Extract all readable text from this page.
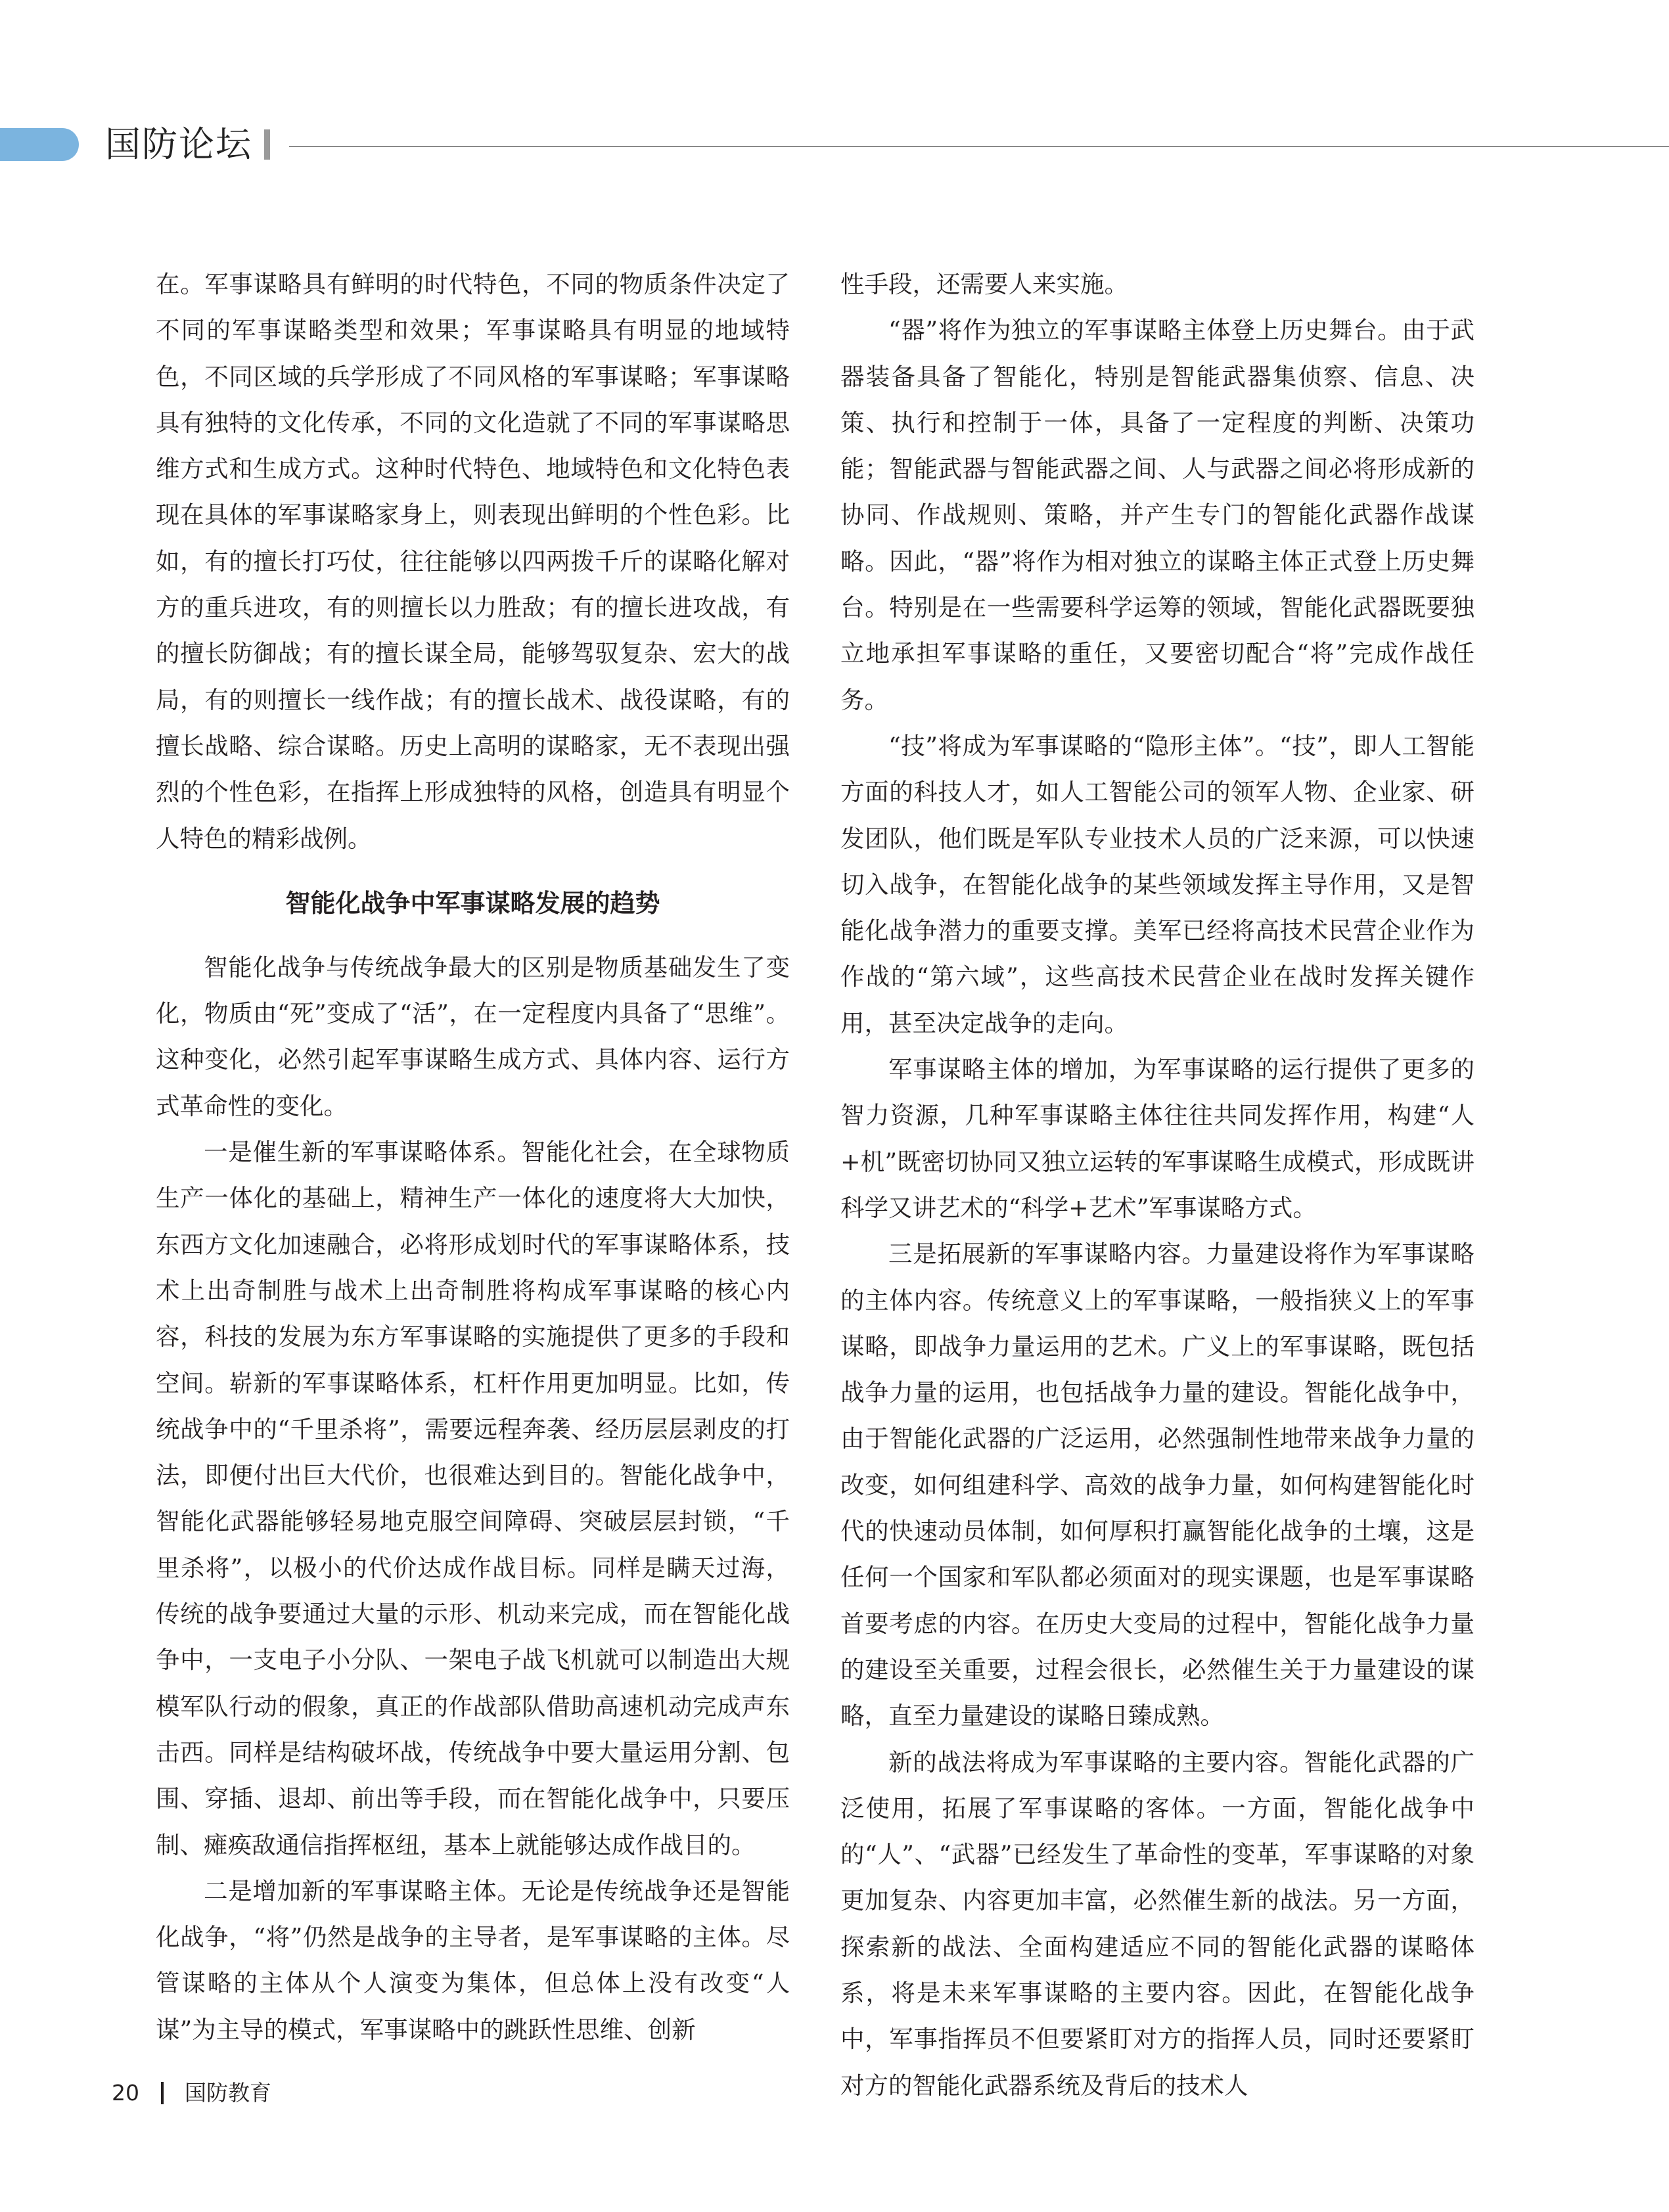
国防论坛

在。军事谋略具有鲜明的时代特色，不同的物质条件决定了不同的军事谋略类型和效果；军事谋略具有明显的地域特色，不同区域的兵学形成了不同风格的军事谋略；军事谋略具有独特的文化传承，不同的文化造就了不同的军事谋略思维方式和生成方式。这种时代特色、地域特色和文化特色表现在具体的军事谋略家身上，则表现出鲜明的个性色彩。比如，有的擅长打巧仗，往往能够以四两拨千斤的谋略化解对方的重兵进攻，有的则擅长以力胜敌；有的擅长进攻战，有的擅长防御战；有的擅长谋全局，能够驾驭复杂、宏大的战局，有的则擅长一线作战；有的擅长战术、战役谋略，有的擅长战略、综合谋略。历史上高明的谋略家，无不表现出强烈的个性色彩，在指挥上形成独特的风格，创造具有明显个人特色的精彩战例。

智能化战争中军事谋略发展的趋势

智能化战争与传统战争最大的区别是物质基础发生了变化，物质由“死”变成了“活”，在一定程度内具备了“思维”。这种变化，必然引起军事谋略生成方式、具体内容、运行方式革命性的变化。

一是催生新的军事谋略体系。智能化社会，在全球物质生产一体化的基础上，精神生产一体化的速度将大大加快，东西方文化加速融合，必将形成划时代的军事谋略体系，技术上出奇制胜与战术上出奇制胜将构成军事谋略的核心内容，科技的发展为东方军事谋略的实施提供了更多的手段和空间。崭新的军事谋略体系，杠杆作用更加明显。比如，传统战争中的“千里杀将”，需要远程奔袭、经历层层剥皮的打法，即便付出巨大代价，也很难达到目的。智能化战争中，智能化武器能够轻易地克服空间障碍、突破层层封锁，“千里杀将”，以极小的代价达成作战目标。同样是瞒天过海，传统的战争要通过大量的示形、机动来完成，而在智能化战争中，一支电子小分队、一架电子战飞机就可以制造出大规模军队行动的假象，真正的作战部队借助高速机动完成声东击西。同样是结构破坏战，传统战争中要大量运用分割、包围、穿插、退却、前出等手段，而在智能化战争中，只要压制、瘫痪敌通信指挥枢纽，基本上就能够达成作战目的。

二是增加新的军事谋略主体。无论是传统战争还是智能化战争，“将”仍然是战争的主导者，是军事谋略的主体。尽管谋略的主体从个人演变为集体，但总体上没有改变“人谋”为主导的模式，军事谋略中的跳跃性思维、创新

性手段，还需要人来实施。

“器”将作为独立的军事谋略主体登上历史舞台。由于武器装备具备了智能化，特别是智能武器集侦察、信息、决策、执行和控制于一体，具备了一定程度的判断、决策功能；智能武器与智能武器之间、人与武器之间必将形成新的协同、作战规则、策略，并产生专门的智能化武器作战谋略。因此，“器”将作为相对独立的谋略主体正式登上历史舞台。特别是在一些需要科学运筹的领域，智能化武器既要独立地承担军事谋略的重任，又要密切配合“将”完成作战任务。

“技”将成为军事谋略的“隐形主体”。“技”，即人工智能方面的科技人才，如人工智能公司的领军人物、企业家、研发团队，他们既是军队专业技术人员的广泛来源，可以快速切入战争，在智能化战争的某些领域发挥主导作用，又是智能化战争潜力的重要支撑。美军已经将高技术民营企业作为作战的“第六域”，这些高技术民营企业在战时发挥关键作用，甚至决定战争的走向。

军事谋略主体的增加，为军事谋略的运行提供了更多的智力资源，几种军事谋略主体往往共同发挥作用，构建“人+机”既密切协同又独立运转的军事谋略生成模式，形成既讲科学又讲艺术的“科学+艺术”军事谋略方式。

三是拓展新的军事谋略内容。力量建设将作为军事谋略的主体内容。传统意义上的军事谋略，一般指狭义上的军事谋略，即战争力量运用的艺术。广义上的军事谋略，既包括战争力量的运用，也包括战争力量的建设。智能化战争中，由于智能化武器的广泛运用，必然强制性地带来战争力量的改变，如何组建科学、高效的战争力量，如何构建智能化时代的快速动员体制，如何厚积打赢智能化战争的土壤，这是任何一个国家和军队都必须面对的现实课题，也是军事谋略首要考虑的内容。在历史大变局的过程中，智能化战争力量的建设至关重要，过程会很长，必然催生关于力量建设的谋略，直至力量建设的谋略日臻成熟。

新的战法将成为军事谋略的主要内容。智能化武器的广泛使用，拓展了军事谋略的客体。一方面，智能化战争中的“人”、“武器”已经发生了革命性的变革，军事谋略的对象更加复杂、内容更加丰富，必然催生新的战法。另一方面，探索新的战法、全面构建适应不同的智能化武器的谋略体系，将是未来军事谋略的主要内容。因此，在智能化战争中，军事指挥员不但要紧盯对方的指挥人员，同时还要紧盯对方的智能化武器系统及背后的技术人

20 国防教育
